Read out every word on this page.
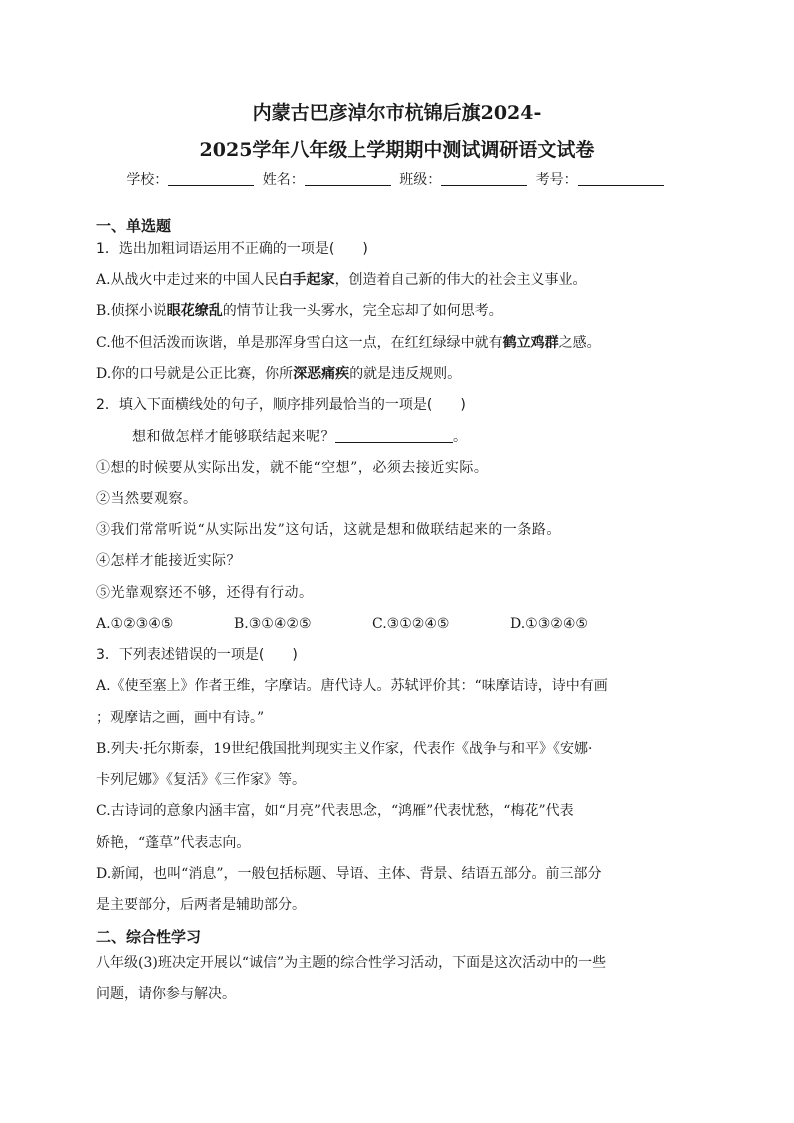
内蒙古巴彦淖尔市杭锦后旗2024-
2025学年八年级上学期期中测试调研语文试卷
学校：	姓名：	班级：	考号：
一、单选题
1．选出加粗词语运用不正确的一项是(　　)
A.从战火中走过来的中国人民白手起家，创造着自己新的伟大的社会主义事业。
B.侦探小说眼花缭乱的情节让我一头雾水，完全忘却了如何思考。
C.他不但活泼而诙谐，单是那浑身雪白这一点，在红红绿绿中就有鹤立鸡群之感。
D.你的口号就是公正比赛，你所深恶痛疾的就是违反规则。
2．填入下面横线处的句子，顺序排列最恰当的一项是(　　)
想和做怎样才能够联结起来呢？	。
①想的时候要从实际出发，就不能“空想”，必须去接近实际。
②当然要观察。
③我们常常听说“从实际出发”这句话，这就是想和做联结起来的一条路。
④怎样才能接近实际？
⑤光靠观察还不够，还得有行动。
A.①②③④⑤	B.③①④②⑤	C.③①②④⑤	D.①③②④⑤
3．下列表述错误的一项是(　　)
A.《使至塞上》作者王维，字摩诘。唐代诗人。苏轼评价其：“味摩诘诗，诗中有画
；观摩诘之画，画中有诗。”
B.列夫·托尔斯泰，19世纪俄国批判现实主义作家，代表作《战争与和平》《安娜·
卡列尼娜》《复活》《三作家》等。
C.古诗词的意象内涵丰富，如“月亮”代表思念，“鸿雁”代表忧愁，“梅花”代表
娇艳，“蓬草”代表志向。
D.新闻，也叫“消息”，一般包括标题、导语、主体、背景、结语五部分。前三部分
是主要部分，后两者是辅助部分。
二、综合性学习
八年级(3)班决定开展以“诚信”为主题的综合性学习活动，下面是这次活动中的一些
问题，请你参与解决。
